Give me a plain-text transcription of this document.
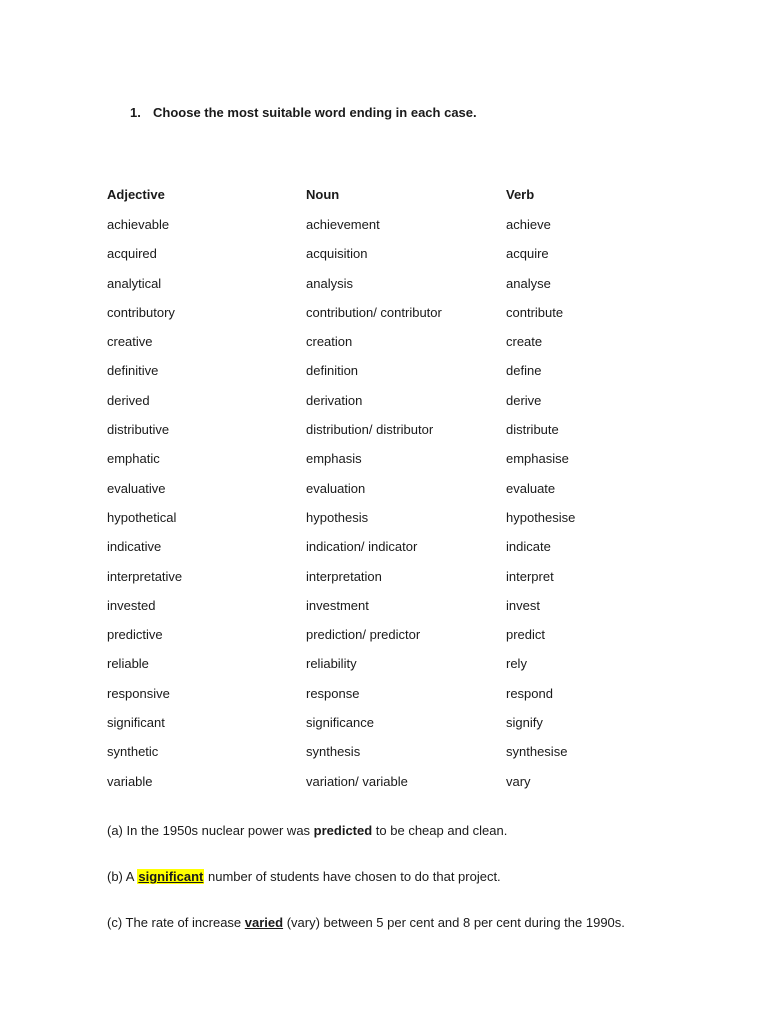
1. Choose the most suitable word ending in each case.
Adjective	Noun	Verb
achievable	achievement	achieve
acquired	acquisition	acquire
analytical	analysis	analyse
contributory	contribution/ contributor	contribute
creative	creation	create
definitive	definition	define
derived	derivation	derive
distributive	distribution/ distributor	distribute
emphatic	emphasis	emphasise
evaluative	evaluation	evaluate
hypothetical	hypothesis	hypothesise
indicative	indication/ indicator	indicate
interpretative	interpretation	interpret
invested	investment	invest
predictive	prediction/ predictor	predict
reliable	reliability	rely
responsive	response	respond
significant	significance	signify
synthetic	synthesis	synthesise
variable	variation/ variable	vary
(a) In the 1950s nuclear power was predicted to be cheap and clean.
(b) A significant number of students have chosen to do that project.
(c) The rate of increase varied (vary) between 5 per cent and 8 per cent during the 1990s.
